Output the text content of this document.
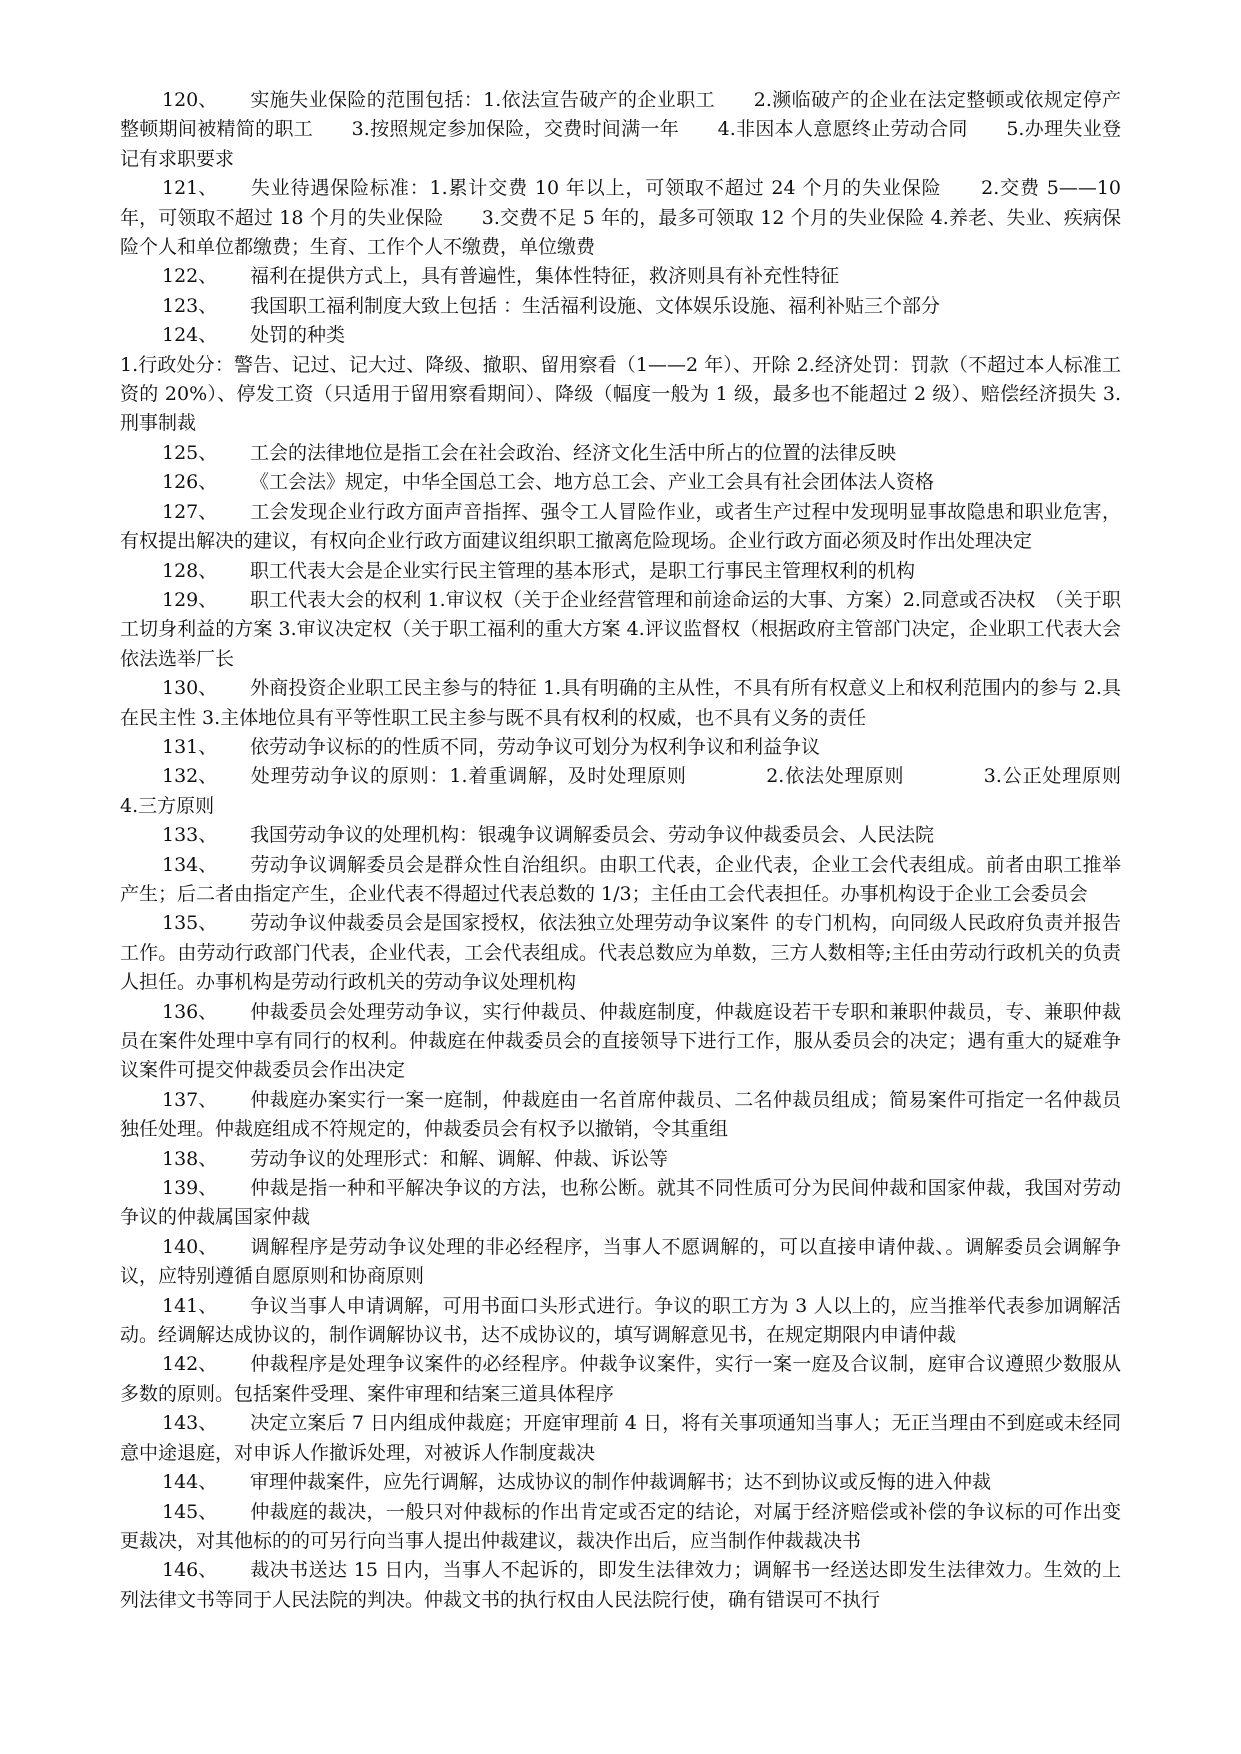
120、 实施失业保险的范围包括：1.依法宣告破产的企业职工　　2.濒临破产的企业在法定整顿或依规定停产整顿期间被精简的职工　　3.按照规定参加保险，交费时间满一年　　4.非因本人意愿终止劳动合同　　5.办理失业登记有求职要求

121、 失业待遇保险标准：1.累计交费 10 年以上，可领取不超过 24 个月的失业保险　　2.交费 5——10 年，可领取不超过 18 个月的失业保险　　3.交费不足 5 年的，最多可领取 12 个月的失业保险 4.养老、失业、疾病保险个人和单位都缴费；生育、工作个人不缴费，单位缴费

122、 福利在提供方式上，具有普遍性，集体性特征，救济则具有补充性特征

123、 我国职工福利制度大致上包括 ：生活福利设施、文体娱乐设施、福利补贴三个部分

124、 处罚的种类

1.行政处分：警告、记过、记大过、降级、撤职、留用察看（1——2 年）、开除 2.经济处罚：罚款（不超过本人标准工资的 20%）、停发工资（只适用于留用察看期间）、降级（幅度一般为 1 级，最多也不能超过 2 级）、赔偿经济损失 3.刑事制裁

125、 工会的法律地位是指工会在社会政治、经济文化生活中所占的位置的法律反映

126、 《工会法》规定，中华全国总工会、地方总工会、产业工会具有社会团体法人资格

127、 工会发现企业行政方面声音指挥、强令工人冒险作业，或者生产过程中发现明显事故隐患和职业危害，有权提出解决的建议，有权向企业行政方面建议组织职工撤离危险现场。企业行政方面必须及时作出处理决定

128、 职工代表大会是企业实行民主管理的基本形式，是职工行事民主管理权利的机构

129、 职工代表大会的权利 1.审议权（关于企业经营管理和前途命运的大事、方案）2.同意或否决权　（关于职工切身利益的方案 3.审议决定权（关于职工福利的重大方案 4.评议监督权（根据政府主管部门决定，企业职工代表大会依法选举厂长

130、 外商投资企业职工民主参与的特征 1.具有明确的主从性，不具有所有权意义上和权利范围内的参与 2.具在民主性 3.主体地位具有平等性职工民主参与既不具有权利的权威，也不具有义务的责任

131、 依劳动争议标的的性质不同，劳动争议可划分为权利争议和利益争议

132、 处理劳动争议的原则：1.着重调解，及时处理原则　　　　2.依法处理原则　　　　3.公正处理原则　　4.三方原则

133、 我国劳动争议的处理机构：银魂争议调解委员会、劳动争议仲裁委员会、人民法院

134、 劳动争议调解委员会是群众性自治组织。由职工代表，企业代表，企业工会代表组成。前者由职工推举产生；后二者由指定产生，企业代表不得超过代表总数的 1/3；主任由工会代表担任。办事机构设于企业工会委员会

135、 劳动争议仲裁委员会是国家授权，依法独立处理劳动争议案件 的专门机构，向同级人民政府负责并报告工作。由劳动行政部门代表，企业代表，工会代表组成。代表总数应为单数，三方人数相等;主任由劳动行政机关的负责人担任。办事机构是劳动行政机关的劳动争议处理机构

136、 仲裁委员会处理劳动争议，实行仲裁员、仲裁庭制度，仲裁庭设若干专职和兼职仲裁员，专、兼职仲裁员在案件处理中享有同行的权利。仲裁庭在仲裁委员会的直接领导下进行工作，服从委员会的决定；遇有重大的疑难争议案件可提交仲裁委员会作出决定

137、 仲裁庭办案实行一案一庭制，仲裁庭由一名首席仲裁员、二名仲裁员组成；简易案件可指定一名仲裁员独任处理。仲裁庭组成不符规定的，仲裁委员会有权予以撤销，令其重组

138、 劳动争议的处理形式：和解、调解、仲裁、诉讼等

139、 仲裁是指一种和平解决争议的方法，也称公断。就其不同性质可分为民间仲裁和国家仲裁，我国对劳动争议的仲裁属国家仲裁

140、 调解程序是劳动争议处理的非必经程序，当事人不愿调解的，可以直接申请仲裁、。调解委员会调解争议，应特别遵循自愿原则和协商原则

141、 争议当事人申请调解，可用书面口头形式进行。争议的职工方为 3 人以上的，应当推举代表参加调解活动。经调解达成协议的，制作调解协议书，达不成协议的，填写调解意见书，在规定期限内申请仲裁

142、 仲裁程序是处理争议案件的必经程序。仲裁争议案件，实行一案一庭及合议制，庭审合议遵照少数服从多数的原则。包括案件受理、案件审理和结案三道具体程序

143、 决定立案后 7 日内组成仲裁庭；开庭审理前 4 日，将有关事项通知当事人；无正当理由不到庭或未经同意中途退庭，对申诉人作撤诉处理，对被诉人作制度裁决

144、 审理仲裁案件，应先行调解，达成协议的制作仲裁调解书；达不到协议或反悔的进入仲裁

145、 仲裁庭的裁决，一般只对仲裁标的作出肯定或否定的结论，对属于经济赔偿或补偿的争议标的可作出变更裁决，对其他标的的可另行向当事人提出仲裁建议，裁决作出后，应当制作仲裁裁决书

146、 裁决书送达 15 日内，当事人不起诉的，即发生法律效力；调解书一经送达即发生法律效力。生效的上列法律文书等同于人民法院的判决。仲裁文书的执行权由人民法院行使，确有错误可不执行
